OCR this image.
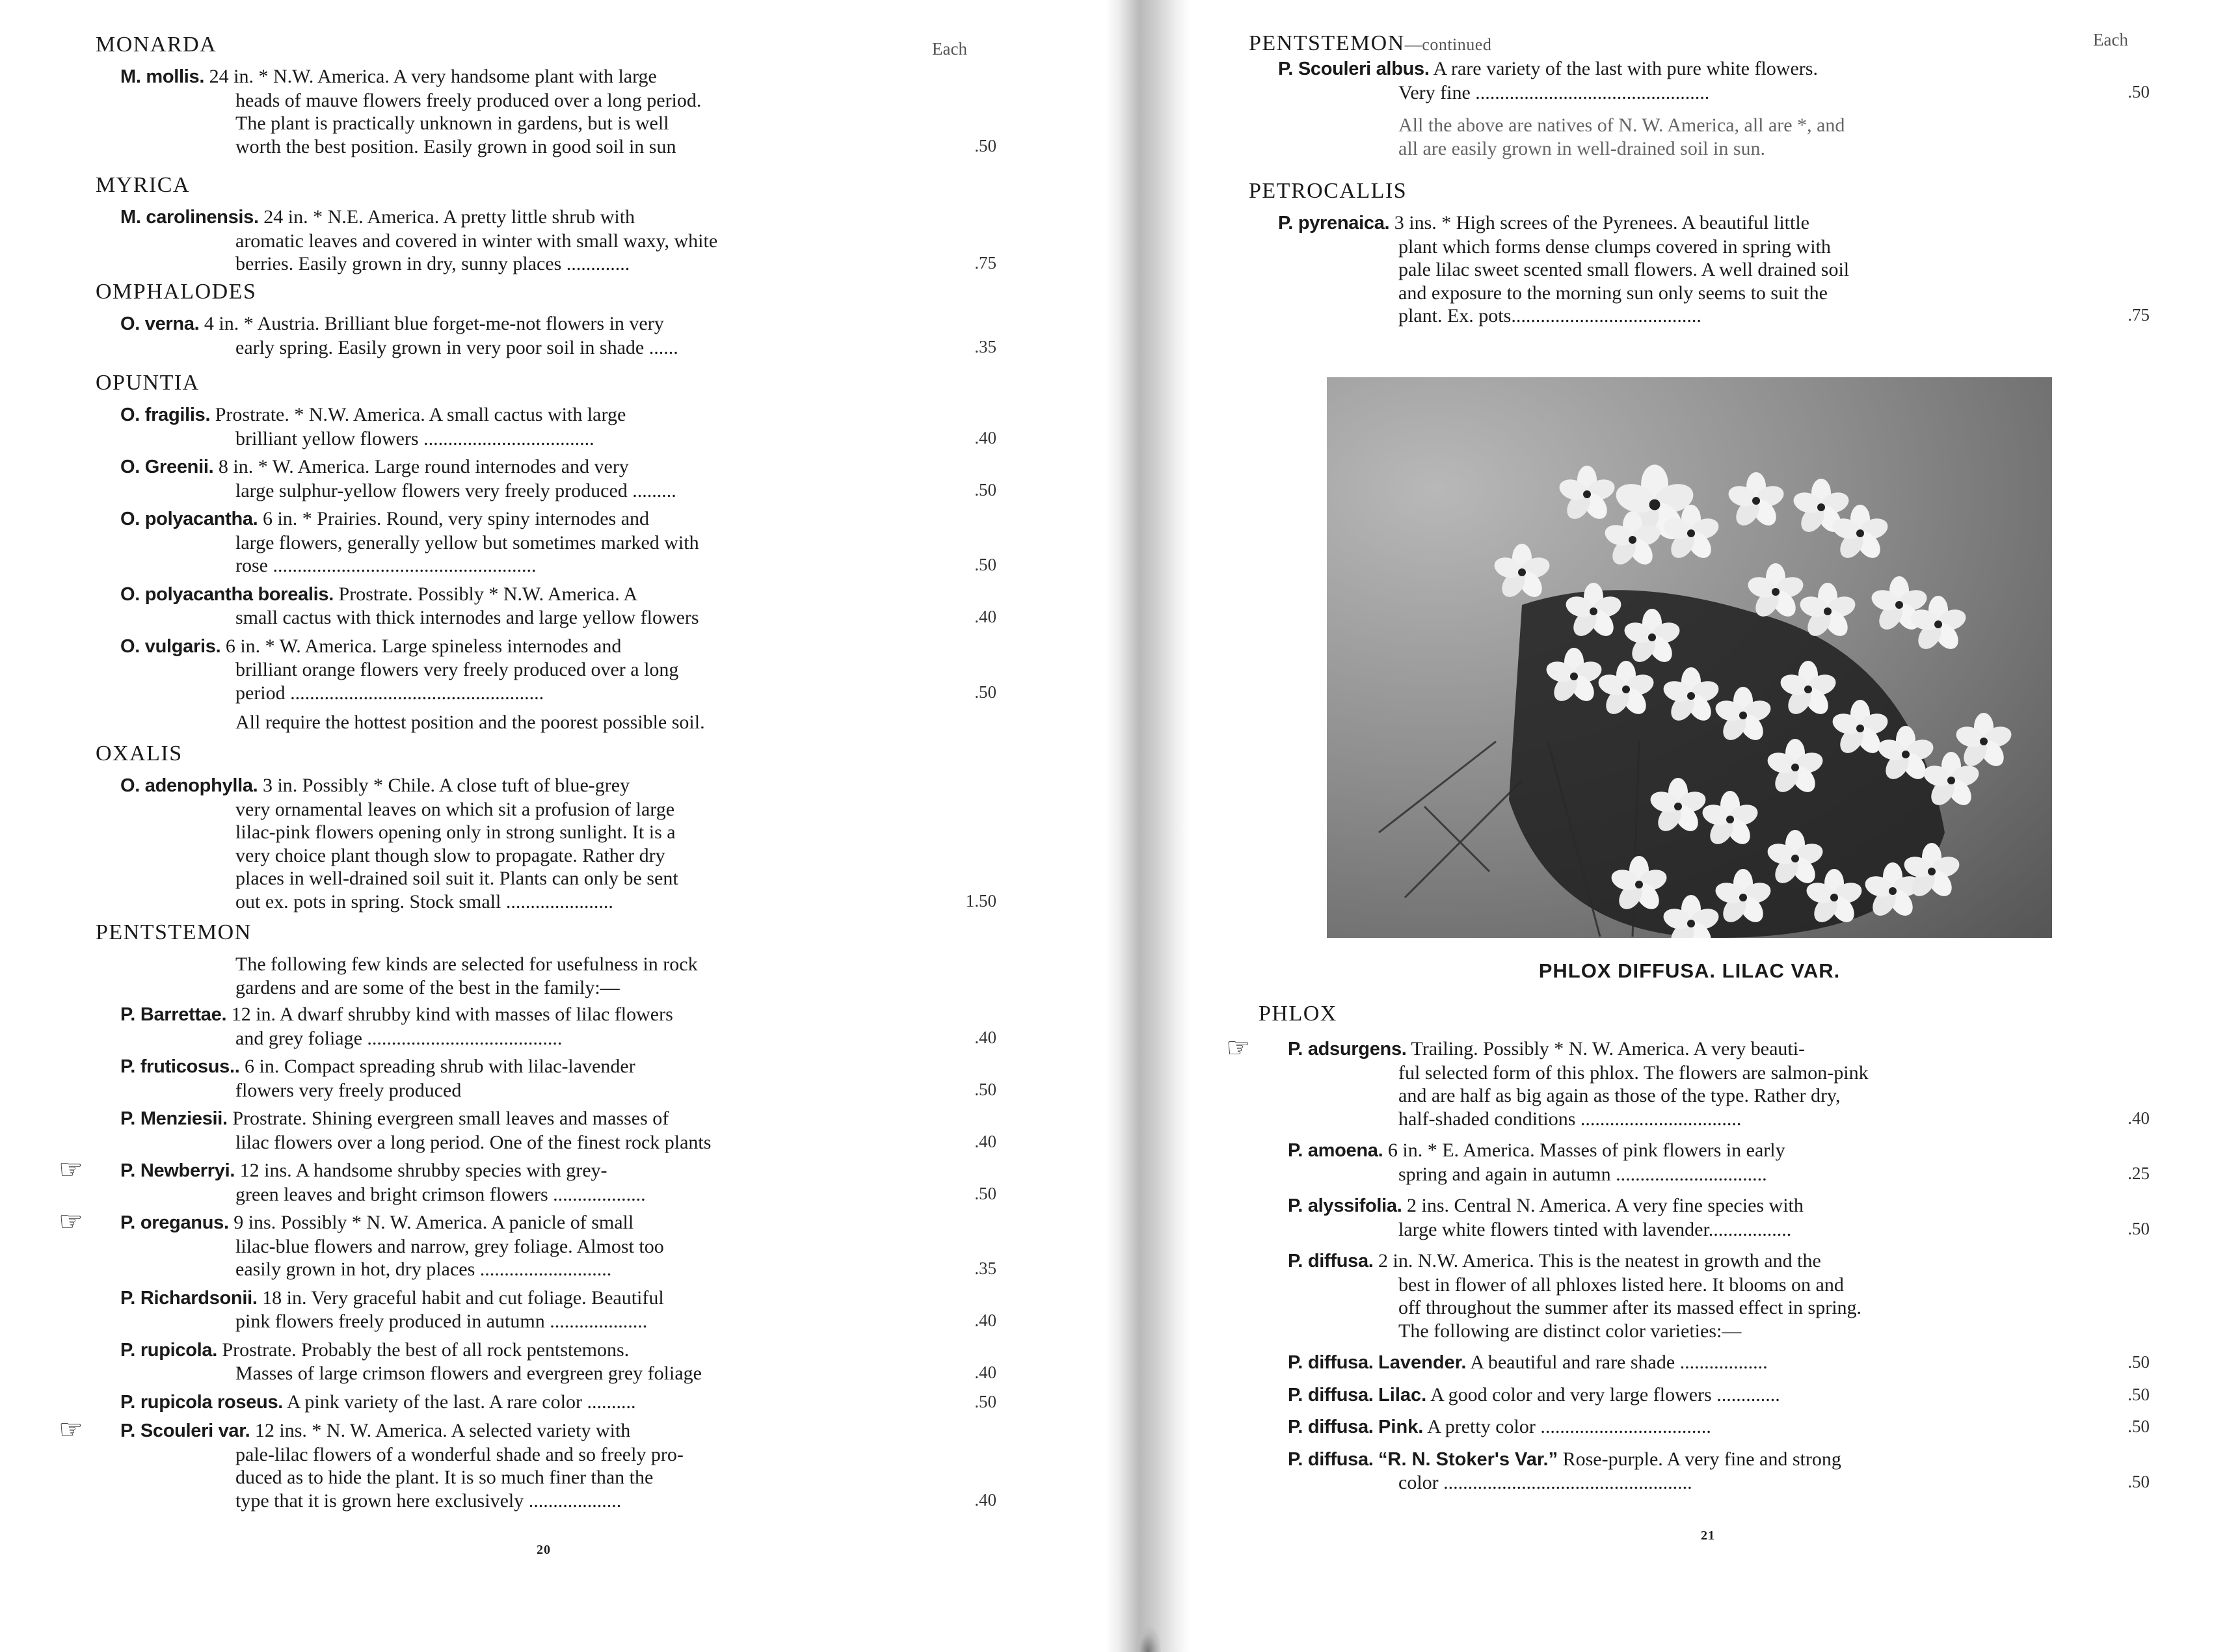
Each
20
PENTSTEMON—continued	Each
21
PHLOX DIFFUSA. LILAC VAR.
MONARDA
M. mollis. 24 in. * N.W. America. A very handsome plant with large
heads of mauve flowers freely produced over a long period.
The plant is practically unknown in gardens, but is well
worth the best position. Easily grown in good soil in sun	.50
MYRICA
M. carolinensis. 24 in. * N.E. America. A pretty little shrub with
aromatic leaves and covered in winter with small waxy, white
berries. Easily grown in dry, sunny places .............	.75
OMPHALODES
O. verna. 4 in. * Austria. Brilliant blue forget-me-not flowers in very
early spring. Easily grown in very poor soil in shade ......	.35
OPUNTIA
O. fragilis. Prostrate. * N.W. America. A small cactus with large
brilliant yellow flowers ...................................	.40
O. Greenii. 8 in. * W. America. Large round internodes and very
large sulphur-yellow flowers very freely produced .........	.50
O. polyacantha. 6 in. * Prairies. Round, very spiny internodes and
large flowers, generally yellow but sometimes marked with
rose ......................................................	.50
O. polyacantha borealis. Prostrate. Possibly * N.W. America. A
small cactus with thick internodes and large yellow flowers	.40
O. vulgaris. 6 in. * W. America. Large spineless internodes and
brilliant orange flowers very freely produced over a long
period ....................................................	.50
All require the hottest position and the poorest possible soil.
OXALIS
O. adenophylla. 3 in. Possibly * Chile. A close tuft of blue-grey
very ornamental leaves on which sit a profusion of large
lilac-pink flowers opening only in strong sunlight. It is a
very choice plant though slow to propagate. Rather dry
places in well-drained soil suit it. Plants can only be sent
out ex. pots in spring. Stock small ......................	1.50
PENTSTEMON
The following few kinds are selected for usefulness in rock
gardens and are some of the best in the family:—
P. Barrettae. 12 in. A dwarf shrubby kind with masses of lilac flowers
and grey foliage ........................................	.40
P. fruticosus.. 6 in. Compact spreading shrub with lilac-lavender
flowers very freely produced	.50
P. Menziesii. Prostrate. Shining evergreen small leaves and masses of
lilac flowers over a long period. One of the finest rock plants	.40
☞ P. Newberryi. 12 ins. A handsome shrubby species with grey-
green leaves and bright crimson flowers ...................	.50
☞ P. oreganus. 9 ins. Possibly * N. W. America. A panicle of small
lilac-blue flowers and narrow, grey foliage. Almost too
easily grown in hot, dry places ...........................	.35
P. Richardsonii. 18 in. Very graceful habit and cut foliage. Beautiful
pink flowers freely produced in autumn ....................	.40
P. rupicola. Prostrate. Probably the best of all rock pentstemons.
Masses of large crimson flowers and evergreen grey foliage	.40
P. rupicola roseus. A pink variety of the last. A rare color ..........	.50
☞ P. Scouleri var. 12 ins. * N. W. America. A selected variety with
pale-lilac flowers of a wonderful shade and so freely pro-
duced as to hide the plant. It is so much finer than the
type that it is grown here exclusively ...................	.40
P. Scouleri albus. A rare variety of the last with pure white flowers.
Very fine ................................................	.50
All the above are natives of N. W. America, all are *, and
all are easily grown in well-drained soil in sun.
PETROCALLIS
P. pyrenaica. 3 ins. * High screes of the Pyrenees. A beautiful little
plant which forms dense clumps covered in spring with
pale lilac sweet scented small flowers. A well drained soil
and exposure to the morning sun only seems to suit the
plant. Ex. pots.......................................	.75
PHLOX
☞ P. adsurgens. Trailing. Possibly * N. W. America. A very beauti-
ful selected form of this phlox. The flowers are salmon-pink
and are half as big again as those of the type. Rather dry,
half-shaded conditions .................................	.40
P. amoena. 6 in. * E. America. Masses of pink flowers in early
spring and again in autumn ...............................	.25
P. alyssifolia. 2 ins. Central N. America. A very fine species with
large white flowers tinted with lavender.................	.50
P. diffusa. 2 in. N.W. America. This is the neatest in growth and the
best in flower of all phloxes listed here. It blooms on and
off throughout the summer after its massed effect in spring.
The following are distinct color varieties:—
P. diffusa. Lavender. A beautiful and rare shade ..................	.50
P. diffusa. Lilac. A good color and very large flowers .............	.50
P. diffusa. Pink. A pretty color ...................................	.50
P. diffusa. “R. N. Stoker's Var.” Rose-purple. A very fine and strong
color ...................................................	.50
